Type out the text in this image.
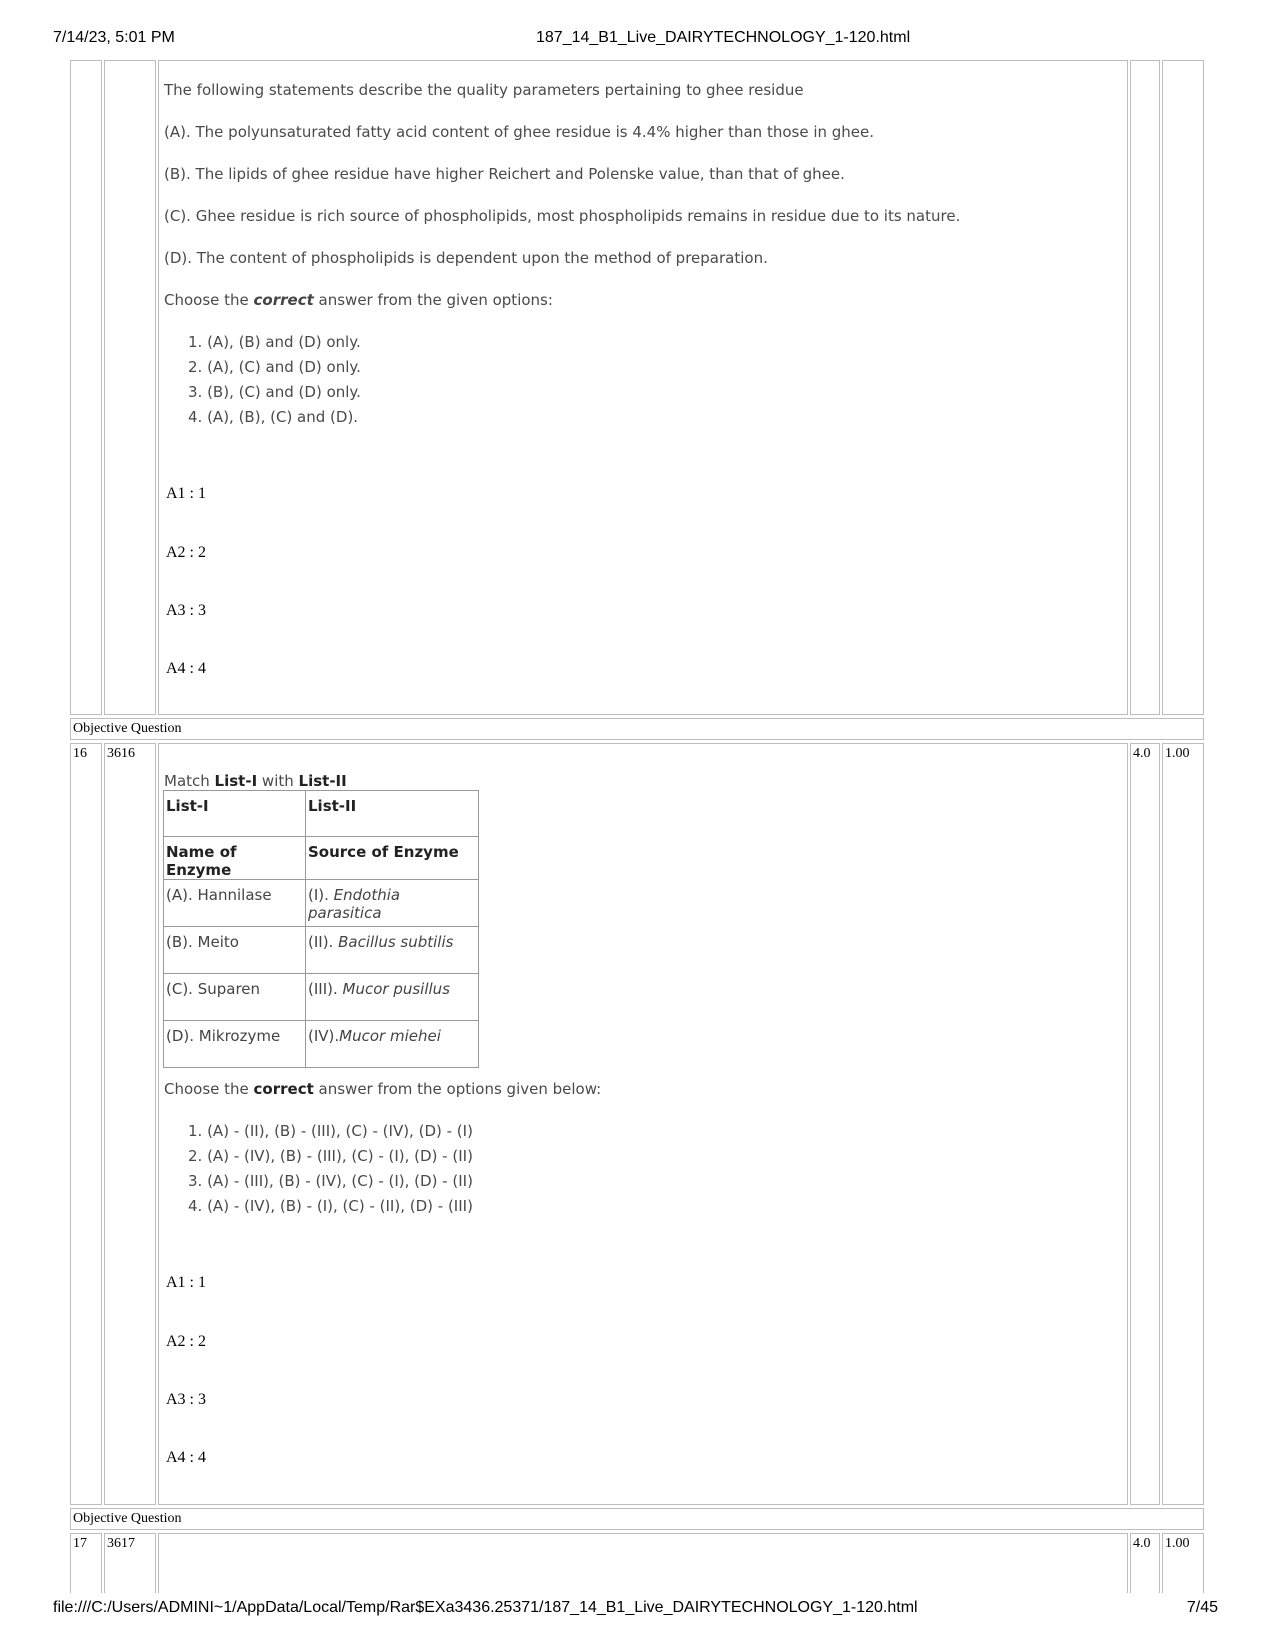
7/14/23, 5:01 PM	187_14_B1_Live_DAIRYTECHNOLOGY_1-120.html
The following statements describe the quality parameters pertaining to ghee residue
(A). The polyunsaturated fatty acid content of ghee residue is 4.4% higher than those in ghee.
(B). The lipids of ghee residue have higher Reichert and Polenske value, than that of ghee.
(C). Ghee residue is rich source of phospholipids, most phospholipids remains in residue due to its nature.
(D). The content of phospholipids is dependent upon the method of preparation.
Choose the correct answer from the given options:
1. (A), (B) and (D) only.
2. (A), (C) and (D) only.
3. (B), (C) and (D) only.
4. (A), (B), (C) and (D).
A1 : 1
A2 : 2
A3 : 3
A4 : 4
Objective Question
16 3616	4.0 1.00
Match List-I with List-II
List-I	List-II
Name of Enzyme	Source of Enzyme
(A). Hannilase	(I). Endothia parasitica
(B). Meito	(II). Bacillus subtilis
(C). Suparen	(III). Mucor pusillus
(D). Mikrozyme	(IV).Mucor miehei
Choose the correct answer from the options given below:
1. (A) - (II), (B) - (III), (C) - (IV), (D) - (I)
2. (A) - (IV), (B) - (III), (C) - (I), (D) - (II)
3. (A) - (III), (B) - (IV), (C) - (I), (D) - (II)
4. (A) - (IV), (B) - (I), (C) - (II), (D) - (III)
A1 : 1
A2 : 2
A3 : 3
A4 : 4
Objective Question
17 3617	4.0 1.00
file:///C:/Users/ADMINI~1/AppData/Local/Temp/Rar$EXa3436.25371/187_14_B1_Live_DAIRYTECHNOLOGY_1-120.html	7/45
